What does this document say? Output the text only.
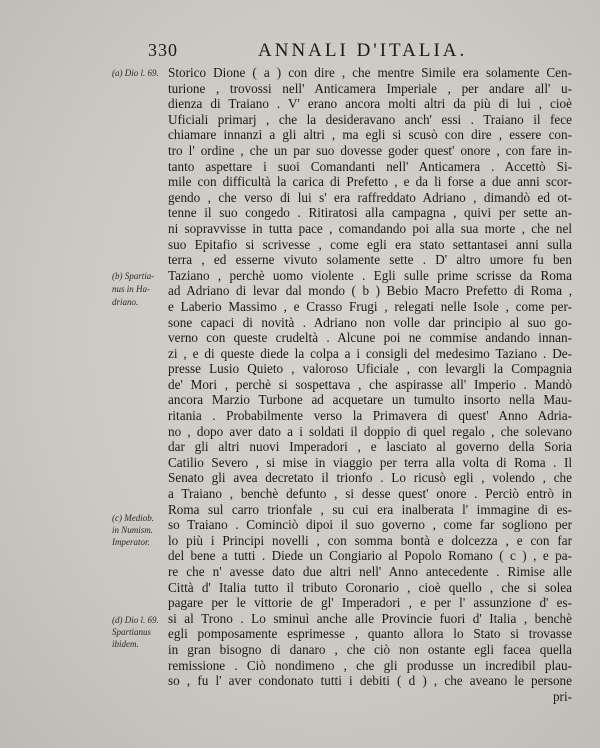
330	ANNALI D'ITALIA.
(a) Dio l. 69.
(b) Spartia-
nus in Ha-
driano.
(c) Mediob.
in Numism.
Imperator.
(d) Dio l. 69.
Spartianus
ibidem.
Storico Dione ( a ) con dire , che mentre Simile era solamente Cen-
turione , trovossi nell' Anticamera Imperiale , per andare all' u-
dienza di Traiano . V' erano ancora molti altri da più di lui , cioè
Uficiali primarj , che la desideravano anch' essi . Traiano il fece
chiamare innanzi a gli altri , ma egli si scusò con dire , essere con-
tro l' ordine , che un par suo dovesse goder quest' onore , con fare in-
tanto aspettare i suoi Comandanti nell' Anticamera . Accettò Si-
mile con difficultà la carica di Prefetto , e da li forse a due anni scor-
gendo , che verso di lui s' era raffreddato Adriano , dimandò ed ot-
tenne il suo congedo . Ritiratosi alla campagna , quivi per sette an-
ni sopravvisse in tutta pace , comandando poi alla sua morte , che nel
suo Epitafio si scrivesse , come egli era stato settantasei anni sulla
terra , ed esserne vivuto solamente sette . D' altro umore fu ben
Taziano , perchè uomo violente . Egli sulle prime scrisse da Roma
ad Adriano di levar dal mondo ( b ) Bebio Macro Prefetto di Roma ,
e Laberio Massimo , e Crasso Frugi , relegati nelle Isole , come per-
sone capaci di novità . Adriano non volle dar principio al suo go-
verno con queste crudeltà . Alcune poi ne commise andando innan-
zi , e di queste diede la colpa a i consigli del medesimo Taziano . De-
presse Lusio Quieto , valoroso Uficiale , con levargli la Compagnia
de' Mori , perchè si sospettava , che aspirasse all' Imperio . Mandò
ancora Marzio Turbone ad acquetare un tumulto insorto nella Mau-
ritania . Probabilmente verso la Primavera di quest' Anno Adria-
no , dopo aver dato a i soldati il doppio di quel regalo , che solevano
dar gli altri nuovi Imperadori , e lasciato al governo della Soria
Catilio Severo , si mise in viaggio per terra alla volta di Roma . Il
Senato gli avea decretato il trionfo . Lo ricusò egli , volendo , che
a Traiano , benchè defunto , si desse quest' onore . Perciò entrò in
Roma sul carro trionfale , su cui era inalberata l' immagine di es-
so Traiano . Cominciò dipoi il suo governo , come far sogliono per
lo più i Principi novelli , con somma bontà e dolcezza , e con far
del bene a tutti . Diede un Congiario al Popolo Romano ( c ) , e pa-
re che n' avesse dato due altri nell' Anno antecedente . Rimise alle
Città d' Italia tutto il tributo Coronario , cioè quello , che si solea
pagare per le vittorie de gl' Imperadori , e per l' assunzione d' es-
si al Trono . Lo sminuì anche alle Provincie fuori d' Italia , benchè
egli pomposamente esprimesse , quanto allora lo Stato si trovasse
in gran bisogno di danaro , che ciò non ostante egli facea quella
remissione . Ciò nondimeno , che gli produsse un incredibil plau-
so , fu l' aver condonato tutti i debiti ( d ) , che aveano le persone
pri-
